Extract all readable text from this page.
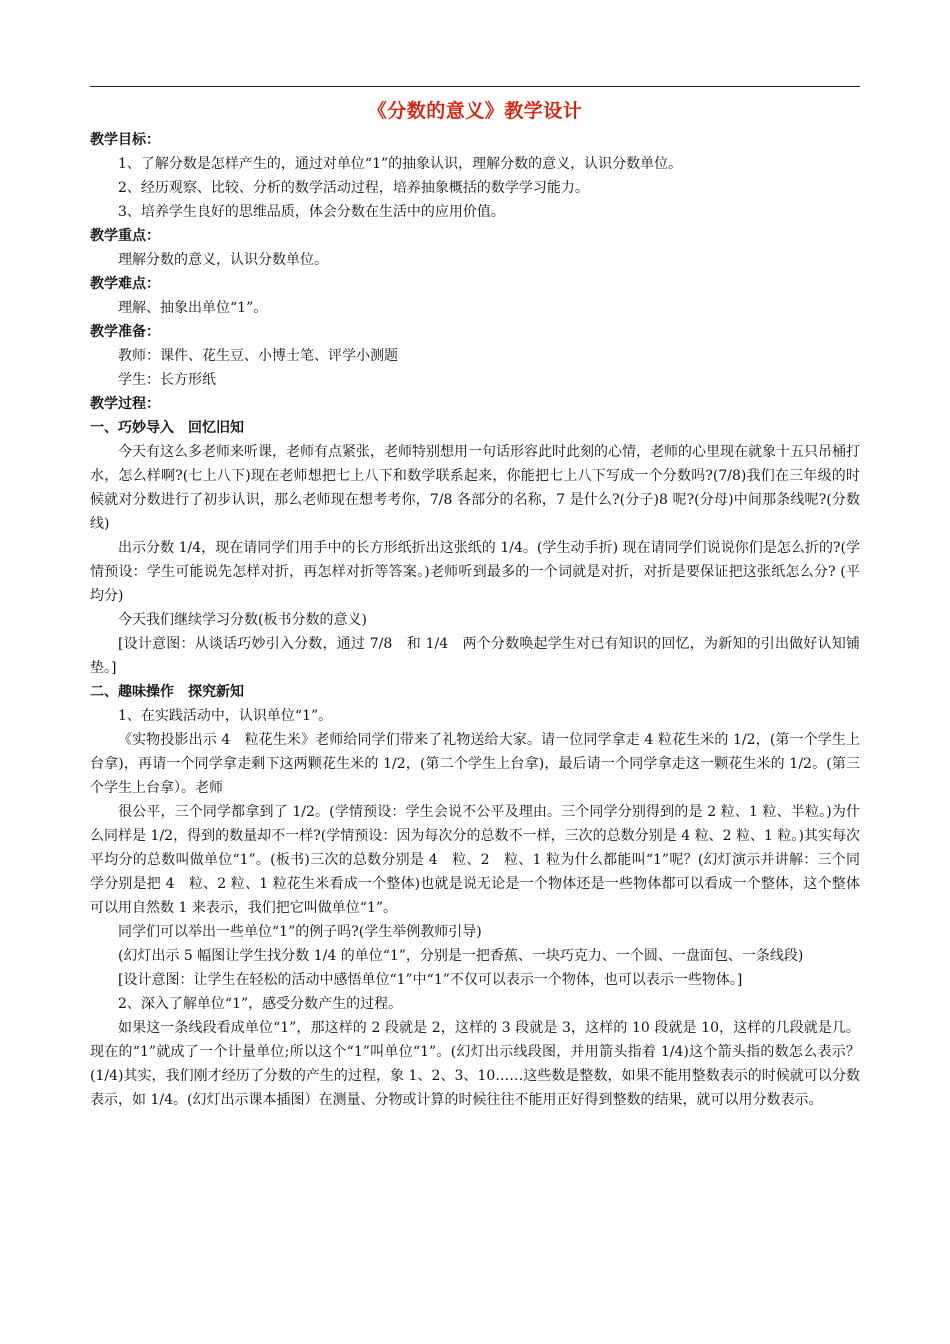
《分数的意义》教学设计
教学目标：
1、了解分数是怎样产生的，通过对单位“1”的抽象认识，理解分数的意义，认识分数单位。
2、经历观察、比较、分析的数学活动过程，培养抽象概括的数学学习能力。
3、培养学生良好的思维品质，体会分数在生活中的应用价值。
教学重点：
理解分数的意义，认识分数单位。
教学难点：
理解、抽象出单位“1”。
教学准备：
教师：课件、花生豆、小博士笔、评学小测题
学生：长方形纸
教学过程：
一、巧妙导入　回忆旧知
今天有这么多老师来听课，老师有点紧张，老师特别想用一句话形容此时此刻的心情，老师的心里现在就象十五只吊桶打水，怎么样啊?(七上八下)现在老师想把七上八下和数学联系起来，你能把七上八下写成一个分数吗?(7/8)我们在三年级的时候就对分数进行了初步认识，那么老师现在想考考你，7/8 各部分的名称，7 是什么?(分子)8 呢?(分母)中间那条线呢?(分数线)
出示分数 1/4，现在请同学们用手中的长方形纸折出这张纸的 1/4。(学生动手折) 现在请同学们说说你们是怎么折的?(学情预设：学生可能说先怎样对折，再怎样对折等答案。)老师听到最多的一个词就是对折，对折是要保证把这张纸怎么分? (平均分)
今天我们继续学习分数(板书分数的意义)
[设计意图：从谈话巧妙引入分数，通过 7/8　和 1/4　两个分数唤起学生对已有知识的回忆，为新知的引出做好认知铺垫。]
二、趣味操作　探究新知
1、在实践活动中，认识单位“1”。
《实物投影出示 4　粒花生米》老师给同学们带来了礼物送给大家。请一位同学拿走 4 粒花生米的 1/2，(第一个学生上台拿)，再请一个同学拿走剩下这两颗花生米的 1/2，(第二个学生上台拿)，最后请一个同学拿走这一颗花生米的 1/2。(第三个学生上台拿）。老师
很公平，三个同学都拿到了 1/2。(学情预设：学生会说不公平及理由。三个同学分别得到的是 2 粒、1 粒、半粒。)为什么同样是 1/2，得到的数量却不一样?(学情预设：因为每次分的总数不一样，三次的总数分别是 4 粒、2 粒、1 粒。)其实每次平均分的总数叫做单位“1”。(板书)三次的总数分别是 4　粒、2　粒、1 粒为什么都能叫“1”呢？(幻灯演示并讲解：三个同学分别是把 4　粒、2 粒、1 粒花生米看成一个整体)也就是说无论是一个物体还是一些物体都可以看成一个整体，这个整体可以用自然数 1 来表示，我们把它叫做单位“1”。
同学们可以举出一些单位“1”的例子吗?(学生举例教师引导)
(幻灯出示 5 幅图让学生找分数 1/4 的单位“1”，分别是一把香蕉、一块巧克力、一个圆、一盘面包、一条线段)
[设计意图：让学生在轻松的活动中感悟单位“1”中“1”不仅可以表示一个物体，也可以表示一些物体。]
2、深入了解单位“1”，感受分数产生的过程。
如果这一条线段看成单位“1”，那这样的 2 段就是 2，这样的 3 段就是 3，这样的 10 段就是 10，这样的几段就是几。现在的“1”就成了一个计量单位;所以这个“1”叫单位“1”。(幻灯出示线段图，并用箭头指着 1/4)这个箭头指的数怎么表示？(1/4)其实，我们刚才经历了分数的产生的过程，象 1、2、3、10……这些数是整数，如果不能用整数表示的时候就可以分数表示，如 1/4。(幻灯出示课本插图）在测量、分物或计算的时候往往不能用正好得到整数的结果，就可以用分数表示。
